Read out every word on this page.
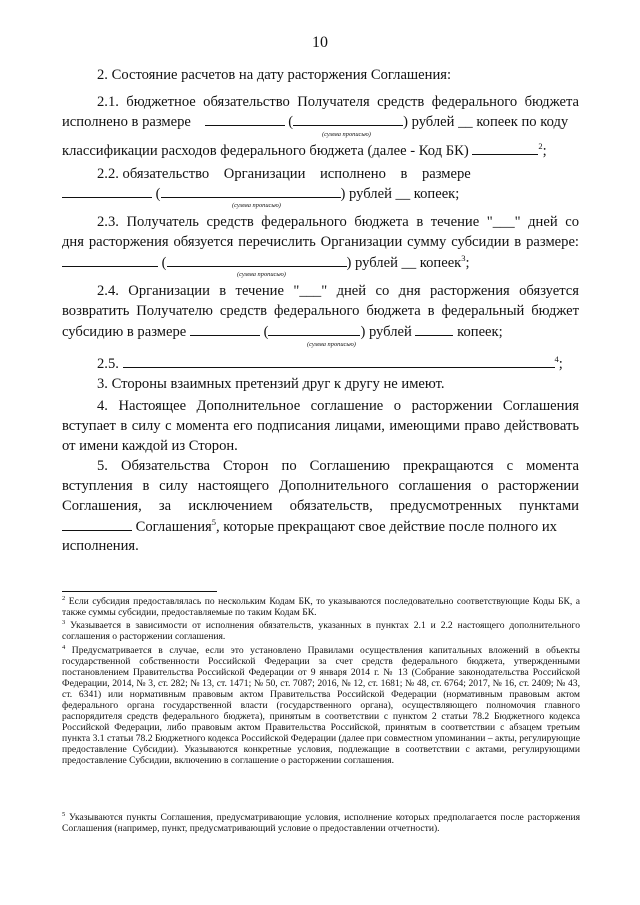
10
2. Состояние расчетов на дату расторжения Соглашения:
2.1. бюджетное обязательство Получателя средств федерального бюджета
исполнено в размере	(	) рублей __ копеек по коду
(сумма прописью)
классификации расходов федерального бюджета (далее - Код БК)	$^2$;
2.2. обязательство    Организации    исполнено    в    размере
(	) рублей __ копеек;
(сумма прописью)
2.3. Получатель средств федерального бюджета в течение "___" дней со
дня расторжения обязуется перечислить Организации сумму субсидии в размере:
(	) рублей __ копеек$^3$;
(сумма прописью)
2.4. Организации в течение "___" дней со дня расторжения обязуется
возвратить Получателю средств федерального бюджета в федеральный бюджет
субсидию в размере	(	) рублей	копеек;
(сумма прописью)
2.5.	$^4$;
3. Стороны взаимных претензий друг к другу не имеют.
4. Настоящее Дополнительное соглашение о расторжении Соглашения
вступает в силу с момента его подписания лицами, имеющими право действовать
от имени каждой из Сторон.
5. Обязательства Сторон по Соглашению прекращаются с момента
вступления в силу настоящего Дополнительного соглашения о расторжении
Соглашения, за исключением обязательств, предусмотренных пунктами
Соглашения$^5$, которые прекращают свое действие после полного их
исполнения.
$^2$ Если субсидия предоставлялась по нескольким Кодам БК, то указываются последовательно соответствующие Коды БК, а также суммы субсидии, предоставляемые по таким Кодам БК.
$^3$ Указывается в зависимости от исполнения обязательств, указанных в пунктах 2.1 и 2.2 настоящего дополнительного соглашения о расторжении соглашения.
$^4$ Предусматривается в случае, если это установлено Правилами осуществления капитальных вложений в объекты государственной собственности Российской Федерации за счет средств федерального бюджета, утвержденными постановлением Правительства Российской Федерации от 9 января 2014 г. № 13 (Собрание законодательства Российской Федерации, 2014, № 3, ст. 282; № 13, ст. 1471; № 50, ст. 7087; 2016, № 12, ст. 1681; № 48, ст. 6764; 2017, № 16, ст. 2409; № 43, ст. 6341) или нормативным правовым актом Правительства Российской Федерации (нормативным правовым актом федерального органа государственной власти (государственного органа), осуществляющего полномочия главного распорядителя средств федерального бюджета), принятым в соответствии с пунктом 2 статьи 78.2 Бюджетного кодекса Российской Федерации, либо правовым актом Правительства Российской, принятым в соответствии с абзацем третьим пункта 3.1 статьи 78.2 Бюджетного кодекса Российской Федерации (далее при совместном упоминании – акты, регулирующие предоставление Субсидии). Указываются конкретные условия, подлежащие в соответствии с актами, регулирующими предоставление Субсидии, включению в соглашение о расторжении соглашения.
$^5$ Указываются пункты Соглашения, предусматривающие условия, исполнение которых предполагается после расторжения Соглашения (например, пункт, предусматривающий условие о предоставлении отчетности).
